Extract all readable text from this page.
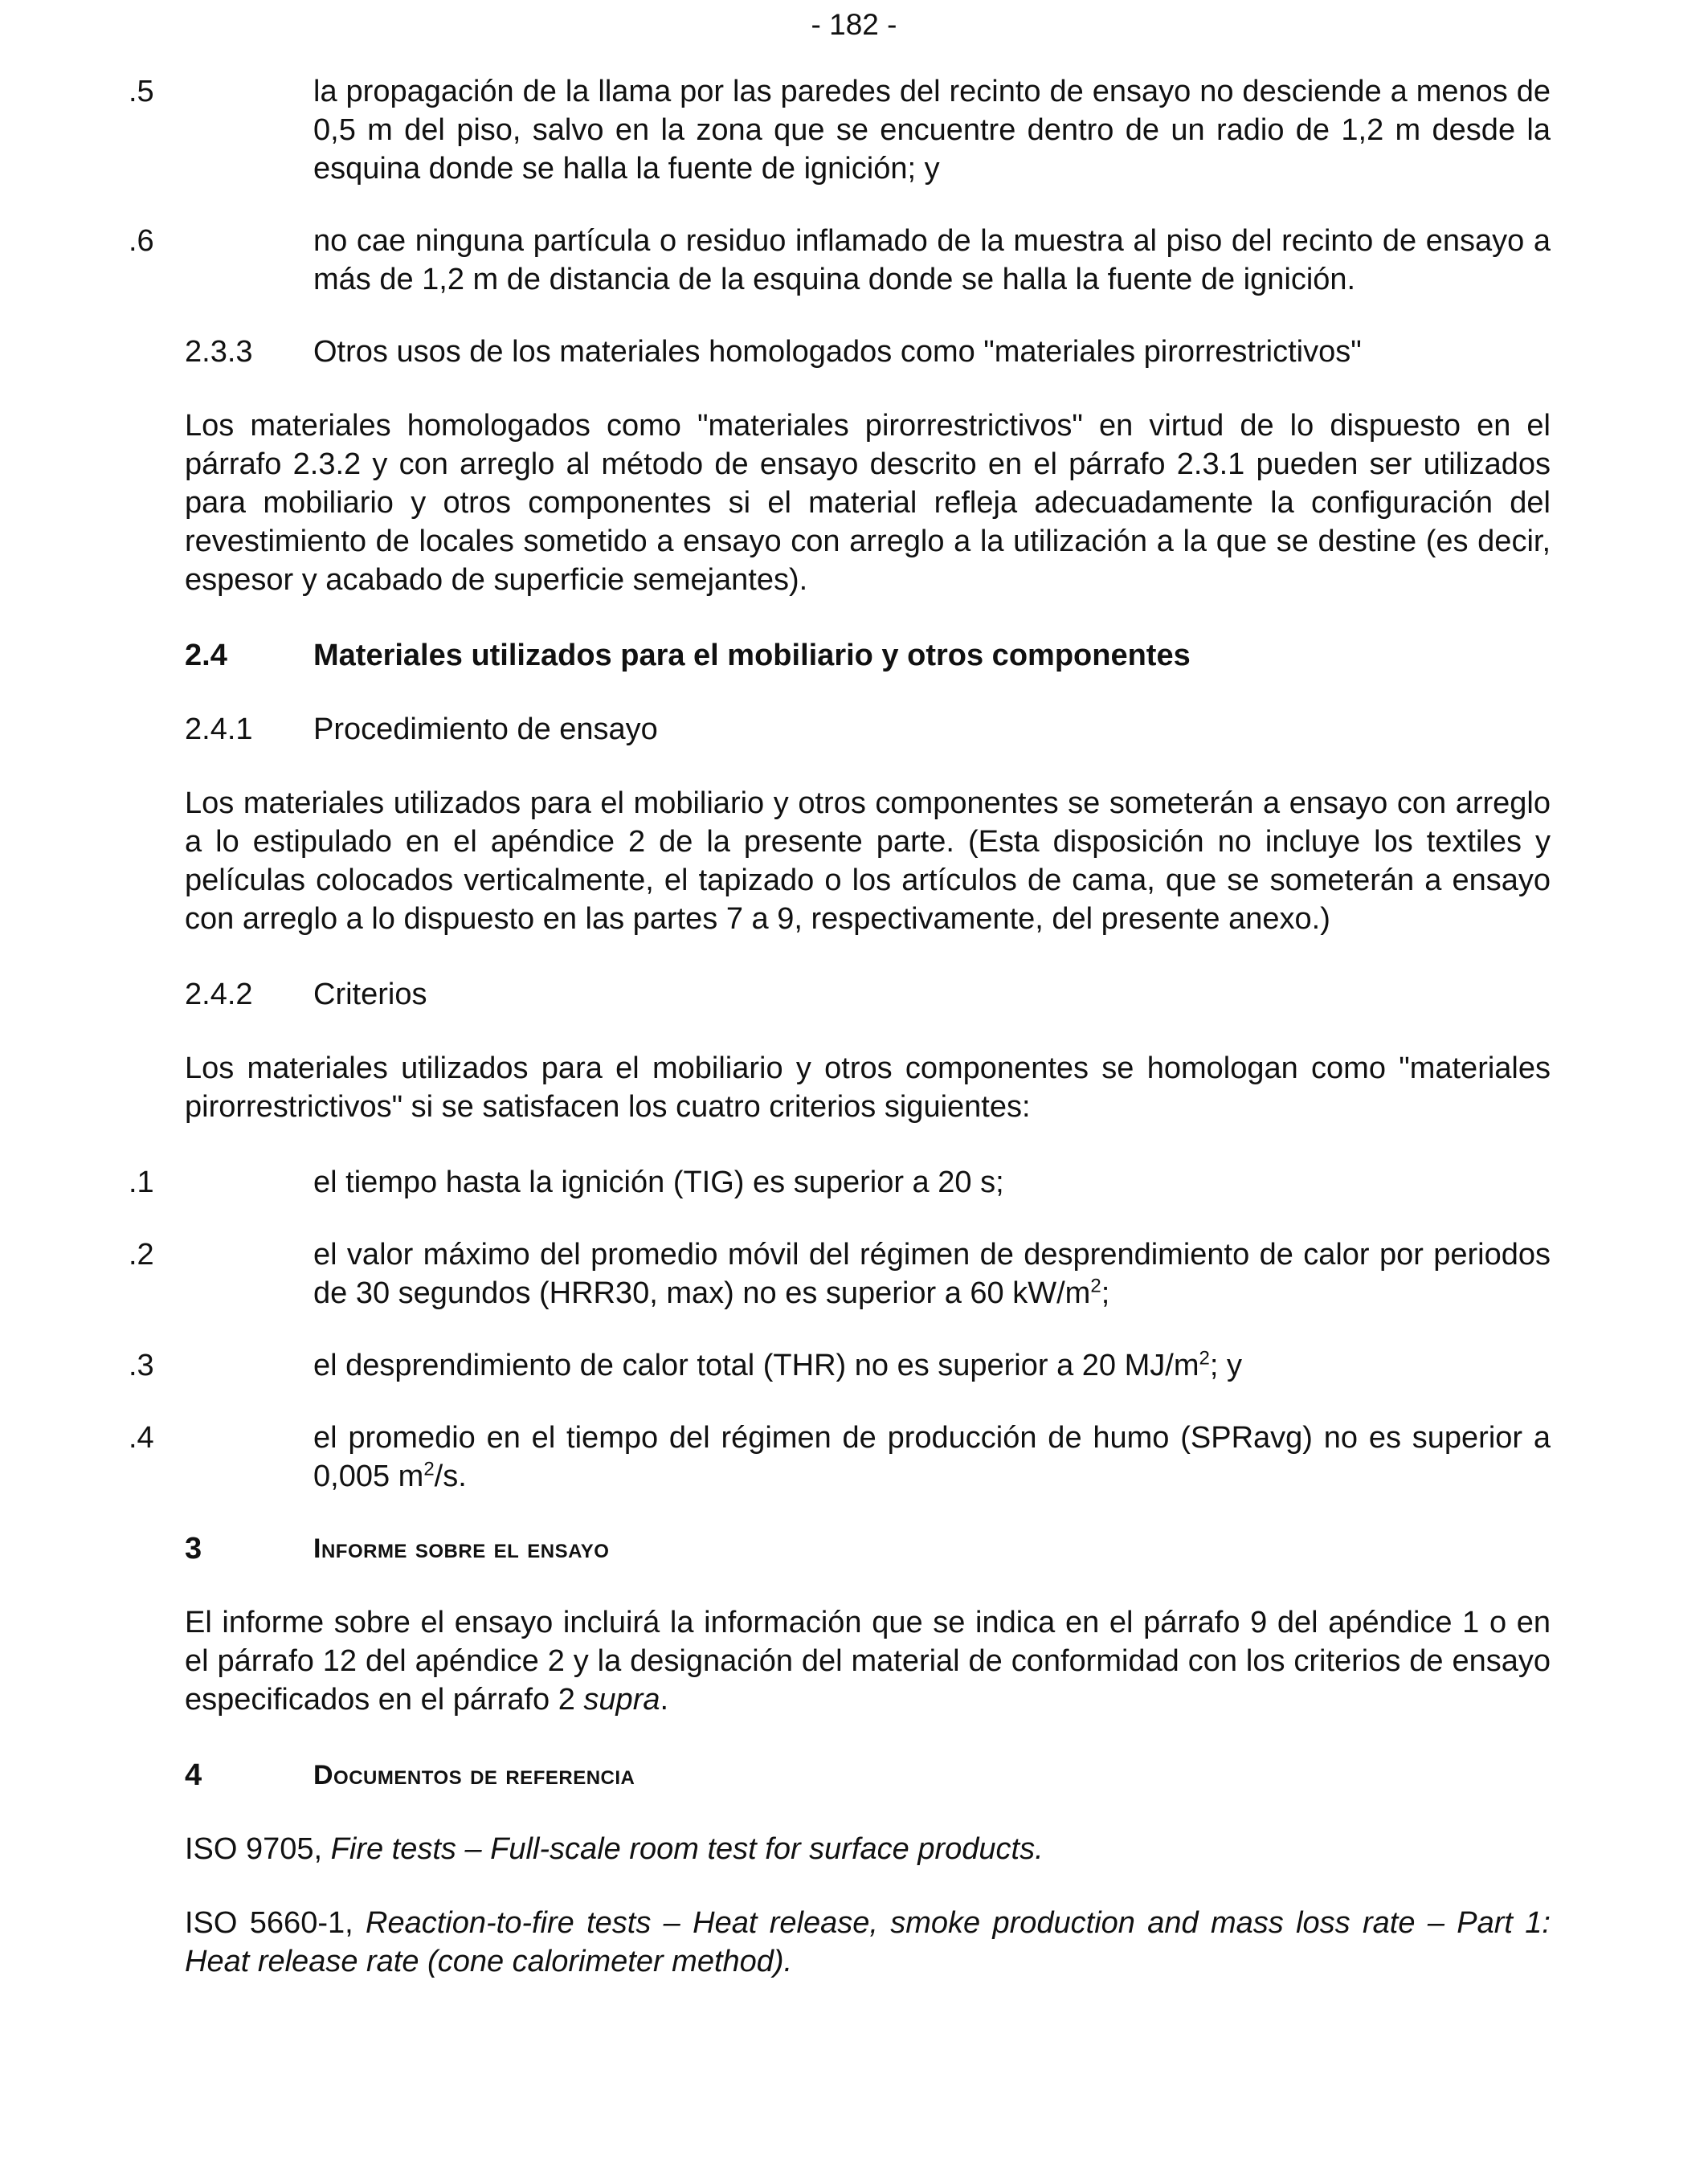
- 182 -
.5	la propagación de la llama por las paredes del recinto de ensayo no desciende a menos de 0,5 m del piso, salvo en la zona que se encuentre dentro de un radio de 1,2 m desde la esquina donde se halla la fuente de ignición; y

.6	no cae ninguna partícula o residuo inflamado de la muestra al piso del recinto de ensayo a más de 1,2 m de distancia de la esquina donde se halla la fuente de ignición.

2.3.3	Otros usos de los materiales homologados como "materiales pirorrestrictivos"

Los materiales homologados como "materiales pirorrestrictivos" en virtud de lo dispuesto en el párrafo 2.3.2 y con arreglo al método de ensayo descrito en el párrafo 2.3.1 pueden ser utilizados para mobiliario y otros componentes si el material refleja adecuadamente la configuración del revestimiento de locales sometido a ensayo con arreglo a la utilización a la que se destine (es decir, espesor y acabado de superficie semejantes).

2.4	Materiales utilizados para el mobiliario y otros componentes
2.4.1	Procedimiento de ensayo

Los materiales utilizados para el mobiliario y otros componentes se someterán a ensayo con arreglo a lo estipulado en el apéndice 2 de la presente parte. (Esta disposición no incluye los textiles y películas colocados verticalmente, el tapizado o los artículos de cama, que se someterán a ensayo con arreglo a lo dispuesto en las partes 7 a 9, respectivamente, del presente anexo.)

2.4.2	Criterios

Los materiales utilizados para el mobiliario y otros componentes se homologan como "materiales pirorrestrictivos" si se satisfacen los cuatro criterios siguientes:

.1	el tiempo hasta la ignición (TIG) es superior a 20 s;

.2	el valor máximo del promedio móvil del régimen de desprendimiento de calor por periodos de 30 segundos (HRR30, max) no es superior a 60 $kW/m^2$;

.3	el desprendimiento de calor total (THR) no es superior a 20 $MJ/m^2$; y

.4	el promedio en el tiempo del régimen de producción de humo (SPRavg) no es superior a 0,005 $m^2/s$.

3	Informe sobre el ensayo

El informe sobre el ensayo incluirá la información que se indica en el párrafo 9 del apéndice 1 o en el párrafo 12 del apéndice 2 y la designación del material de conformidad con los criterios de ensayo especificados en el párrafo 2 supra.

4	Documentos de referencia

ISO 9705, Fire tests – Full-scale room test for surface products.

ISO 5660-1, Reaction-to-fire tests – Heat release, smoke production and mass loss rate – Part 1: Heat release rate (cone calorimeter method).
